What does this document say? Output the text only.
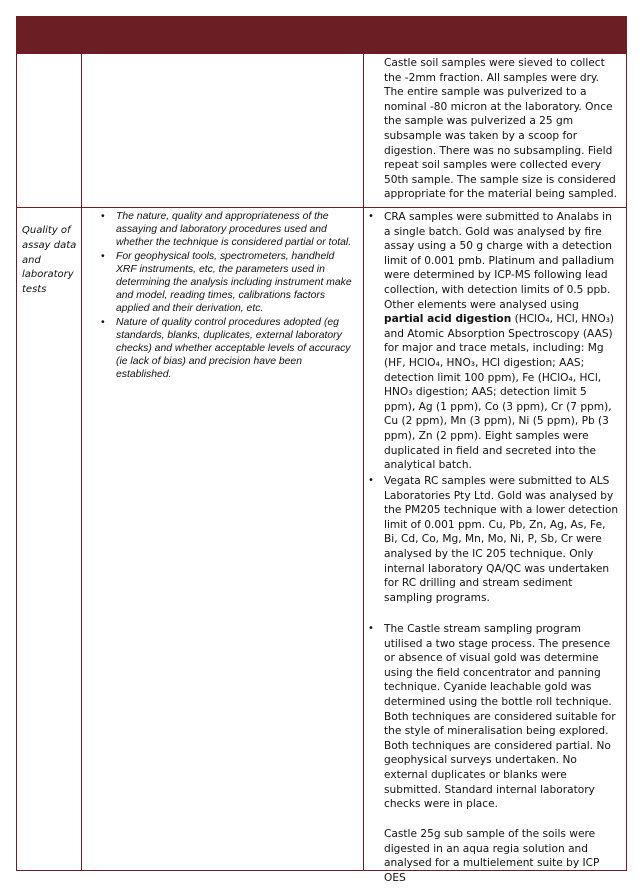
Castle soil samples were sieved to collect the -2mm fraction. All samples were dry. The entire sample was pulverized to a nominal -80 micron at the laboratory. Once the sample was pulverized a 25 gm subsample was taken by a scoop for digestion. There was no subsampling. Field repeat soil samples were collected every 50th sample. The sample size is considered appropriate for the material being sampled.

Quality of assay data and laboratory tests
• The nature, quality and appropriateness of the assaying and laboratory procedures used and whether the technique is considered partial or total.

• For geophysical tools, spectrometers, handheld XRF instruments, etc, the parameters used in determining the analysis including instrument make and model, reading times, calibrations factors applied and their derivation, etc.

• Nature of quality control procedures adopted (eg standards, blanks, duplicates, external laboratory checks) and whether acceptable levels of accuracy (ie lack of bias) and precision have been established.

• CRA samples were submitted to Analabs in a single batch. Gold was analysed by fire assay using a 50 g charge with a detection limit of 0.001 pmb. Platinum and palladium were determined by ICP-MS following lead collection, with detection limits of 0.5 ppb. Other elements were analysed using partial acid digestion (HClO₄, HCl, HNO₃) and Atomic Absorption Spectroscopy (AAS) for major and trace metals, including: Mg (HF, HClO₄, HNO₃, HCl digestion; AAS; detection limit 100 ppm), Fe (HClO₄, HCl, HNO₃ digestion; AAS; detection limit 5 ppm), Ag (1 ppm), Co (3 ppm), Cr (7 ppm), Cu (2 ppm), Mn (3 ppm), Ni (5 ppm), Pb (3 ppm), Zn (2 ppm). Eight samples were duplicated in field and secreted into the analytical batch.

• Vegata RC samples were submitted to ALS Laboratories Pty Ltd. Gold was analysed by the PM205 technique with a lower detection limit of 0.001 ppm. Cu, Pb, Zn, Ag, As, Fe, Bi, Cd, Co, Mg, Mn, Mo, Ni, P, Sb, Cr were analysed by the IC 205 technique. Only internal laboratory QA/QC was undertaken for RC drilling and stream sediment sampling programs.

• The Castle stream sampling program utilised a two stage process. The presence or absence of visual gold was determine using the field concentrator and panning technique. Cyanide leachable gold was determined using the bottle roll technique. Both techniques are considered suitable for the style of mineralisation being explored. Both techniques are considered partial. No geophysical surveys undertaken. No external duplicates or blanks were submitted. Standard internal laboratory checks were in place.

Castle 25g sub sample of the soils were digested in an aqua regia solution and analysed for a multielement suite by ICP OES
